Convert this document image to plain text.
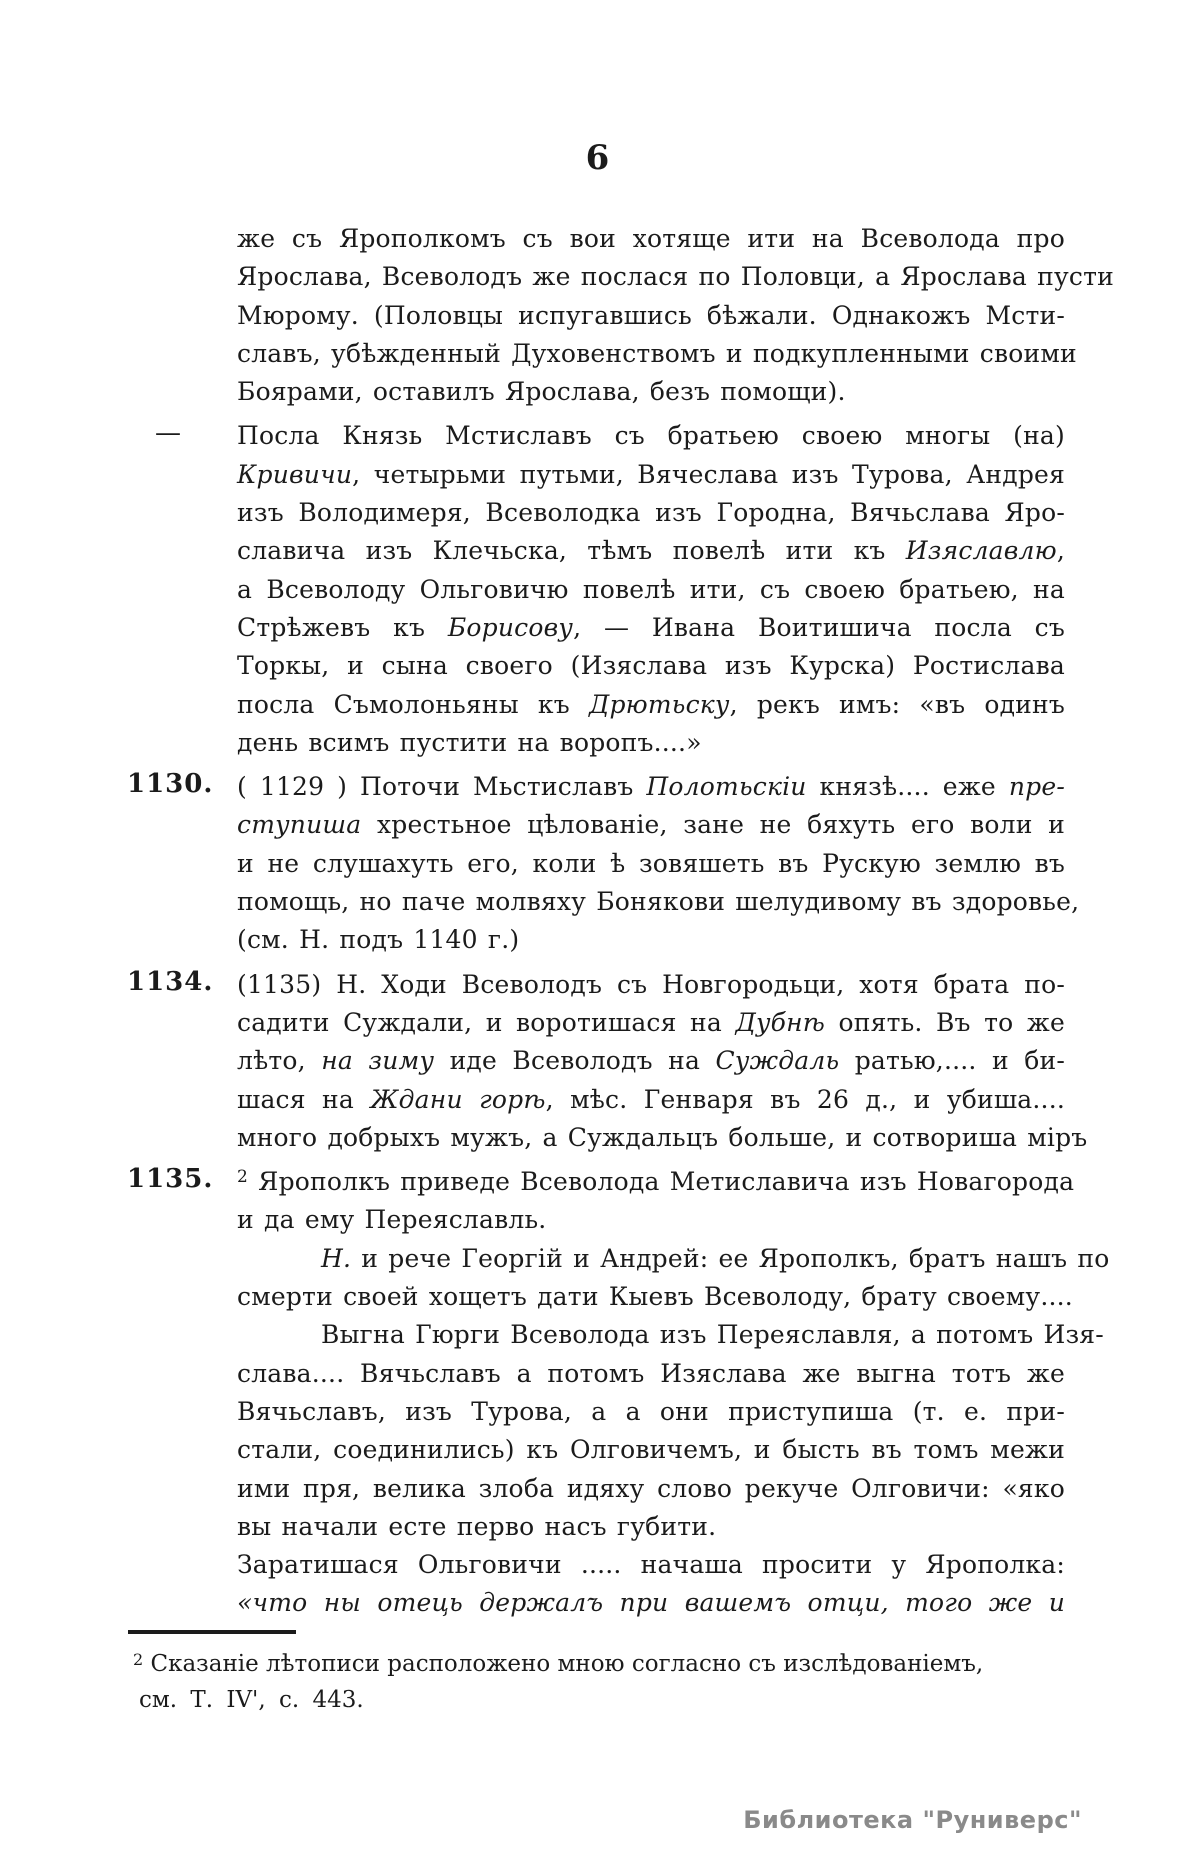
6
же съ Ярополкомъ съ вои хотяще ити на Всеволода про
Ярослава, Всеволодъ же послася по Половци, а Ярослава пусти
Мюрому. (Половцы испугавшись бѣжали. Однакожъ Мсти-
славъ, убѣжденный Духовенствомъ и подкупленными своими
Боярами, оставилъ Ярослава, безъ помощи).
—	Посла Князь Мстиславъ съ братьею своею многы (на)
Кривичи, четырьми путьми, Вячеслава изъ Турова, Андрея
изъ Володимеря, Всеволодка изъ Городна, Вячьслава Яро-
славича изъ Клечьска, тѣмъ повелѣ ити къ Изяславлю,
а Всеволоду Ольговичю повелѣ ити, съ своею братьею, на
Стрѣжевъ къ Борисову, — Ивана Воитишича посла съ
Торкы, и сына своего (Изяслава изъ Курска) Ростислава
посла Съмолоньяны къ Дрютьску, рекъ имъ: «въ одинъ
день всимъ пустити на воропъ....»
1130. ( 1129 ) Поточи Мьстиславъ Полотьскіи князѣ.... еже пре-
ступиша хрестьное цѣлованіе, зане не бяхуть его воли и
и не слушахуть его, коли ѣ зовяшеть въ Рускую землю въ
помощь, но паче молвяху Бонякови шелудивому въ здоровье,
(см. Н. подъ 1140 г.)
1134. (1135) Н. Ходи Всеволодъ съ Новгородьци, хотя брата по-
садити Суждали, и воротишася на Дубнѣ опять. Въ то же
лѣто, на зиму иде Всеволодъ на Суждаль ратью,.... и би-
шася на Ждани горѣ, мѣс. Генваря въ 26 д., и убиша....
много добрыхъ мужъ, а Суждальцъ больше, и сотвориша міръ
1135.	$^2$ Ярополкъ приведе Всеволода Метиславича изъ Новагорода
и да ему Переяславль.
Н. и рече Георгій и Андрей: ее Ярополкъ, братъ нашъ по
смерти своей хощетъ дати Кыевъ Всеволоду, брату своему....
Выгна Гюрги Всеволода изъ Переяславля, а потомъ Изя-
слава.... Вячьславъ а потомъ Изяслава же выгна тотъ же
Вячьславъ, изъ Турова, а а они приступиша (т. е. при-
стали, соединились) къ Олговичемъ, и бысть въ томъ межи
ими пря, велика злоба идяху слово рекуче Олговичи: «яко
вы начали есте перво насъ губити.
Заратишася Ольговичи ..... начаша просити у Ярополка:
«что ны отець держалъ при вашемъ отци, того же и
$^2$ Сказаніе лѣтописи расположено мною согласно съ изслѣдованіемъ,
см. Т. IV', с. 443.
Библиотека "Руниверс"
